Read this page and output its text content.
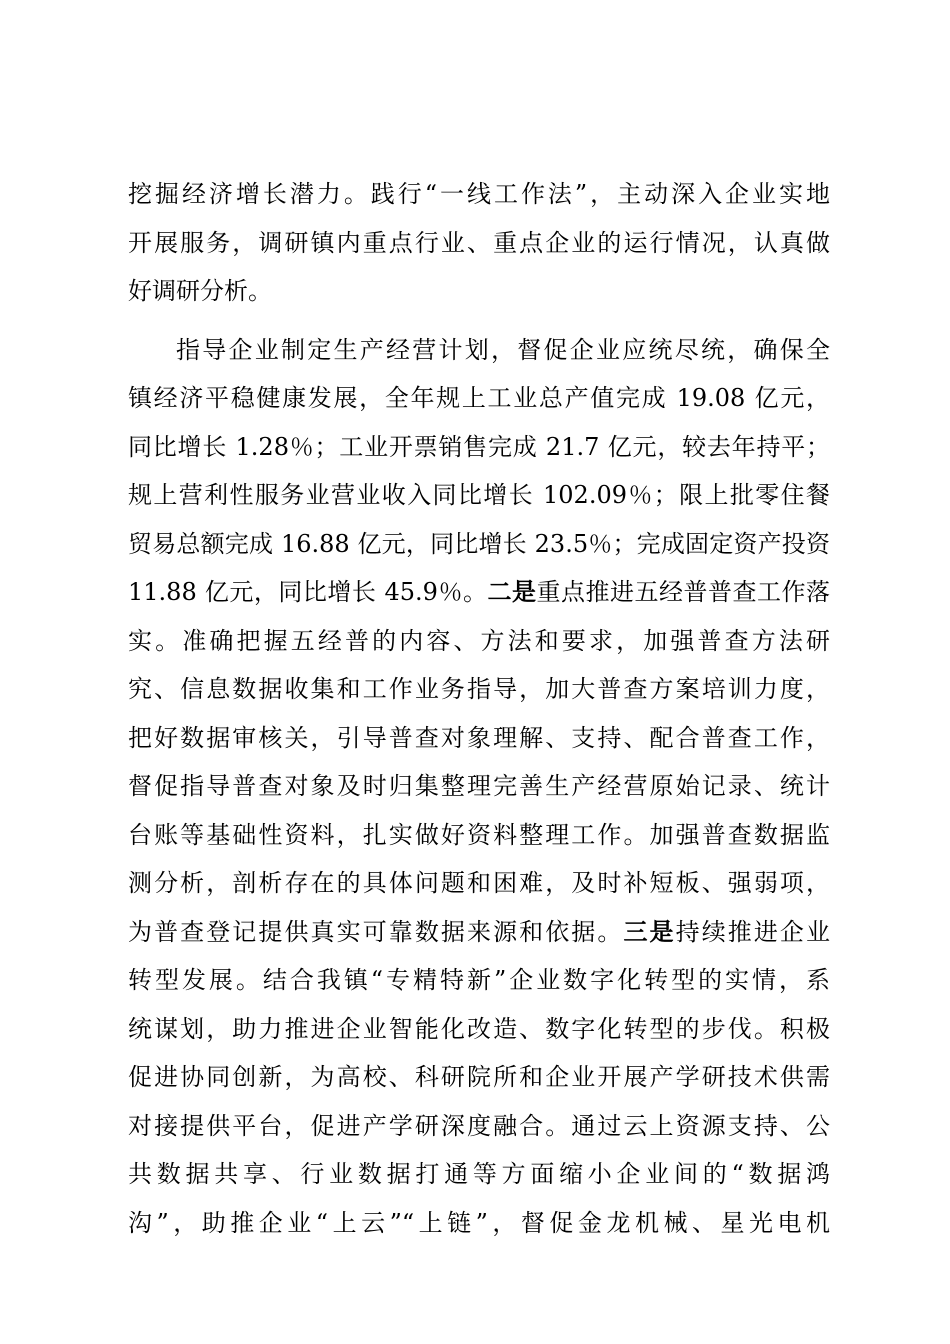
挖掘经济增长潜力。践行“一线工作法”，主动深入企业实地
开展服务，调研镇内重点行业、重点企业的运行情况，认真做
好调研分析。
指导企业制定生产经营计划，督促企业应统尽统，确保全
镇经济平稳健康发展，全年规上工业总产值完成 19.08 亿元，
同比增长 1.28％；工业开票销售完成 21.7 亿元，较去年持平；
规上营利性服务业营业收入同比增长 102.09％；限上批零住餐
贸易总额完成 16.88 亿元，同比增长 23.5％；完成固定资产投资
11.88 亿元，同比增长 45.9％。二是重点推进五经普普查工作落
实。准确把握五经普的内容、方法和要求，加强普查方法研
究、信息数据收集和工作业务指导，加大普查方案培训力度，
把好数据审核关，引导普查对象理解、支持、配合普查工作，
督促指导普查对象及时归集整理完善生产经营原始记录、统计
台账等基础性资料，扎实做好资料整理工作。加强普查数据监
测分析，剖析存在的具体问题和困难，及时补短板、强弱项，
为普查登记提供真实可靠数据来源和依据。三是持续推进企业
转型发展。结合我镇“专精特新”企业数字化转型的实情，系
统谋划，助力推进企业智能化改造、数字化转型的步伐。积极
促进协同创新，为高校、科研院所和企业开展产学研技术供需
对接提供平台，促进产学研深度融合。通过云上资源支持、公
共数据共享、行业数据打通等方面缩小企业间的“数据鸿
沟”，助推企业“上云”“上链”，督促金龙机械、星光电机
